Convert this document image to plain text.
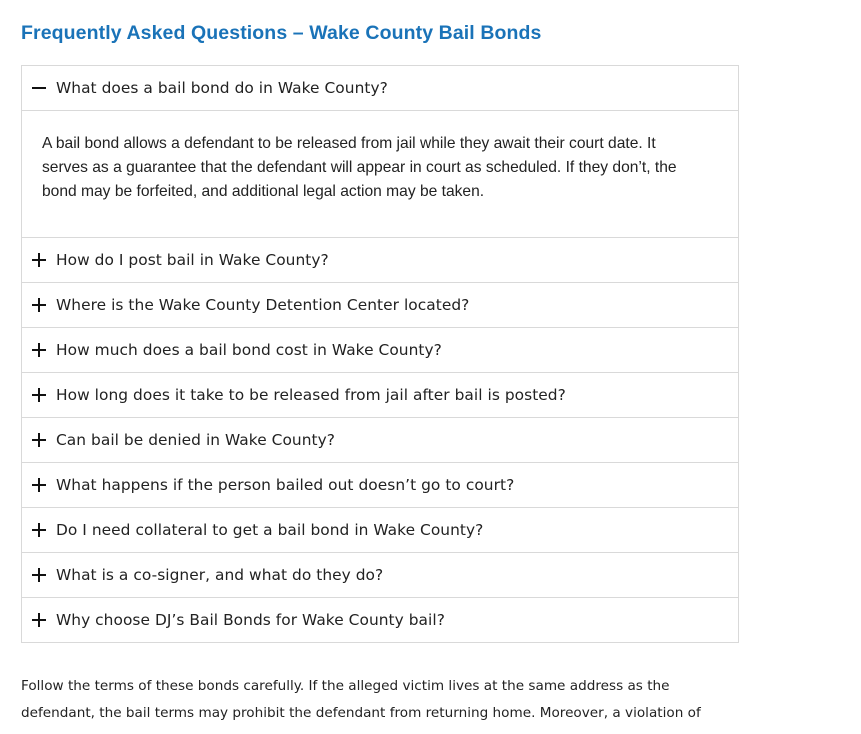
Frequently Asked Questions – Wake County Bail Bonds
What does a bail bond do in Wake County?

A bail bond allows a defendant to be released from jail while they await their court date. It serves as a guarantee that the defendant will appear in court as scheduled. If they don’t, the bond may be forfeited, and additional legal action may be taken.

How do I post bail in Wake County?
Where is the Wake County Detention Center located?
How much does a bail bond cost in Wake County?
How long does it take to be released from jail after bail is posted?
Can bail be denied in Wake County?
What happens if the person bailed out doesn’t go to court?
Do I need collateral to get a bail bond in Wake County?
What is a co-signer, and what do they do?
Why choose DJ’s Bail Bonds for Wake County bail?

Follow the terms of these bonds carefully. If the alleged victim lives at the same address as the defendant, the bail terms may prohibit the defendant from returning home. Moreover, a violation of
